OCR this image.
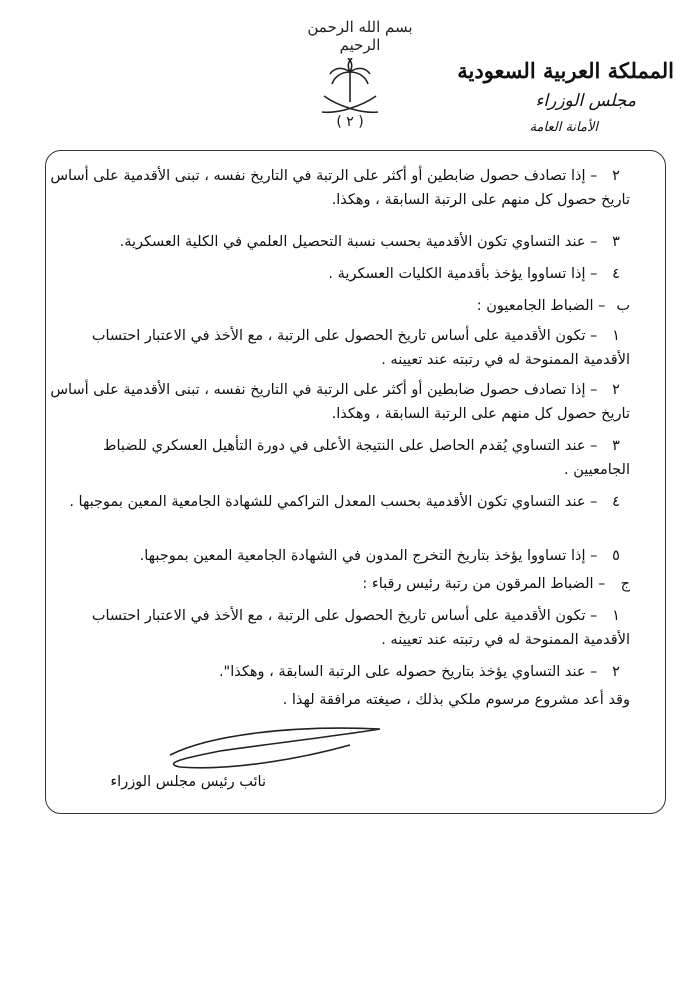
بسم الله الرحمن الرحيم
( ٢ )
المملكة العربية السعودية
مجلس الوزراء
الأمانة العامة
٢ – إذا تصادف حصول ضابطين أو أكثر على الرتبة في التاريخ نفسه ، تبنى الأقدمية على أساس تاريخ حصول كل منهم على الرتبة السابقة ، وهكذا.
٣ – عند التساوي تكون الأقدمية بحسب نسبة التحصيل العلمي في الكلية العسكرية.
٤ – إذا تساووا يؤخذ بأقدمية الكليات العسكرية .
ب – الضباط الجامعيون :
١ – تكون الأقدمية على أساس تاريخ الحصول على الرتبة ، مع الأخذ في الاعتبار احتساب الأقدمية الممنوحة له في رتبته عند تعيينه .
٢ – إذا تصادف حصول ضابطين أو أكثر على الرتبة في التاريخ نفسه ، تبنى الأقدمية على أساس تاريخ حصول كل منهم على الرتبة السابقة ، وهكذا.
٣ – عند التساوي يُقدم الحاصل على النتيجة الأعلى في دورة التأهيل العسكري للضباط الجامعيين .
٤ – عند التساوي تكون الأقدمية بحسب المعدل التراكمي للشهادة الجامعية المعين بموجبها .
٥ – إذا تساووا يؤخذ بتاريخ التخرج المدون في الشهادة الجامعية المعين بموجبها.
ج – الضباط المرقون من رتبة رئيس رقباء :
١ – تكون الأقدمية على أساس تاريخ الحصول على الرتبة ، مع الأخذ في الاعتبار احتساب الأقدمية الممنوحة له في رتبته عند تعيينه .
٢ – عند التساوي يؤخذ بتاريخ حصوله على الرتبة السابقة ، وهكذا".
وقد أعد مشروع مرسوم ملكي بذلك ، صيغته مرافقة لهذا .
نائب رئيس مجلس الوزراء
